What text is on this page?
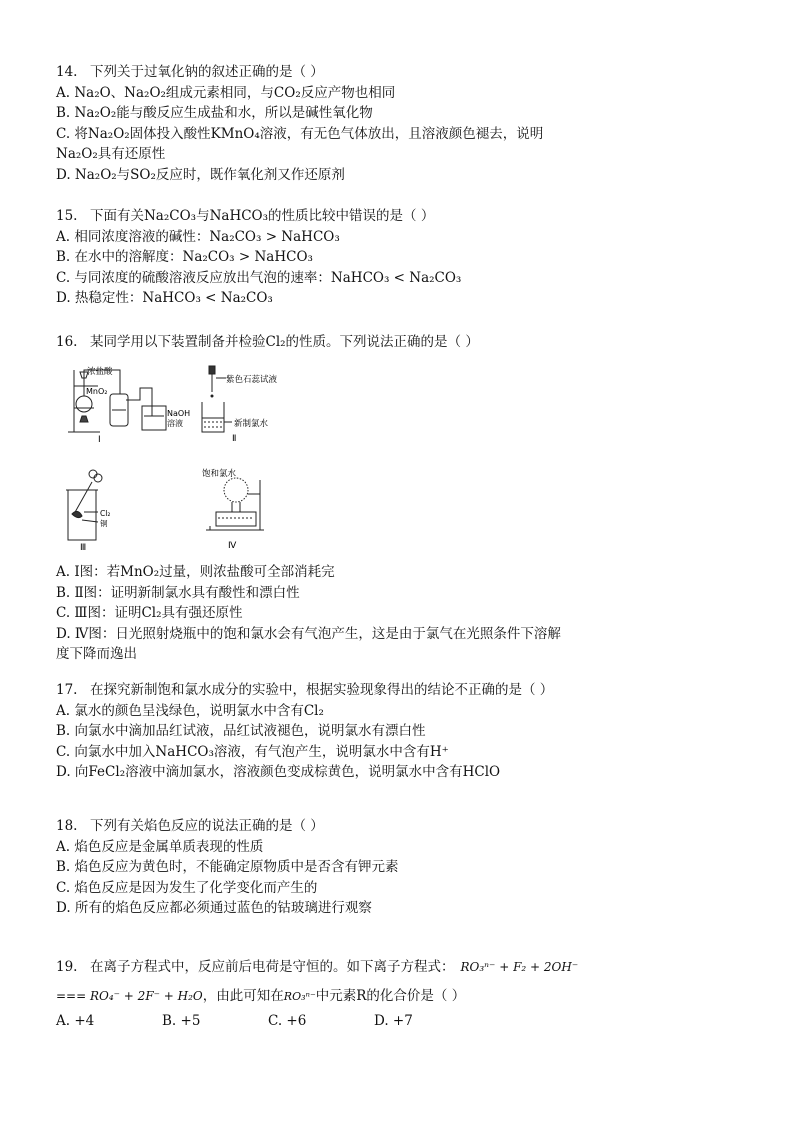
14. 下列关于过氧化钠的叙述正确的是（ ）
A. Na₂O、Na₂O₂组成元素相同，与CO₂反应产物也相同
B. Na₂O₂能与酸反应生成盐和水，所以是碱性氧化物
C. 将Na₂O₂固体投入酸性KMnO₄溶液，有无色气体放出，且溶液颜色褪去，说明
Na₂O₂具有还原性
D. Na₂O₂与SO₂反应时，既作氧化剂又作还原剂
15. 下面有关Na₂CO₃与NaHCO₃的性质比较中错误的是（ ）
A. 相同浓度溶液的碱性：Na₂CO₃ > NaHCO₃
B. 在水中的溶解度：Na₂CO₃ > NaHCO₃
C. 与同浓度的硫酸溶液反应放出气泡的速率：NaHCO₃ < Na₂CO₃
D. 热稳定性：NaHCO₃ < Na₂CO₃
16. 某同学用以下装置制备并检验Cl₂的性质。下列说法正确的是（ ）
浓盐酸
MnO₂
NaOH
溶液
Ⅰ
紫色石蕊试液
新制氯水
Ⅱ
Cl₂
铜
Ⅲ
饱和氯水
Ⅳ
A. Ⅰ图：若MnO₂过量，则浓盐酸可全部消耗完
B. Ⅱ图：证明新制氯水具有酸性和漂白性
C. Ⅲ图：证明Cl₂具有强还原性
D. Ⅳ图：日光照射烧瓶中的饱和氯水会有气泡产生，这是由于氯气在光照条件下溶解
度下降而逸出
17. 在探究新制饱和氯水成分的实验中，根据实验现象得出的结论不正确的是（ ）
A. 氯水的颜色呈浅绿色，说明氯水中含有Cl₂
B. 向氯水中滴加品红试液，品红试液褪色，说明氯水有漂白性
C. 向氯水中加入NaHCO₃溶液，有气泡产生，说明氯水中含有H⁺
D. 向FeCl₂溶液中滴加氯水，溶液颜色变成棕黄色，说明氯水中含有HClO
18. 下列有关焰色反应的说法正确的是（ ）
A. 焰色反应是金属单质表现的性质
B. 焰色反应为黄色时，不能确定原物质中是否含有钾元素
C. 焰色反应是因为发生了化学变化而产生的
D. 所有的焰色反应都必须通过蓝色的钴玻璃进行观察
19. 在离子方程式中，反应前后电荷是守恒的。如下离子方程式： RO₃ⁿ⁻ + F₂ + 2OH⁻
=== RO₄⁻ + 2F⁻ + H₂O，由此可知在RO₃ⁿ⁻中元素R的化合价是（ ）
A. +4	B. +5	C. +6	D. +7
